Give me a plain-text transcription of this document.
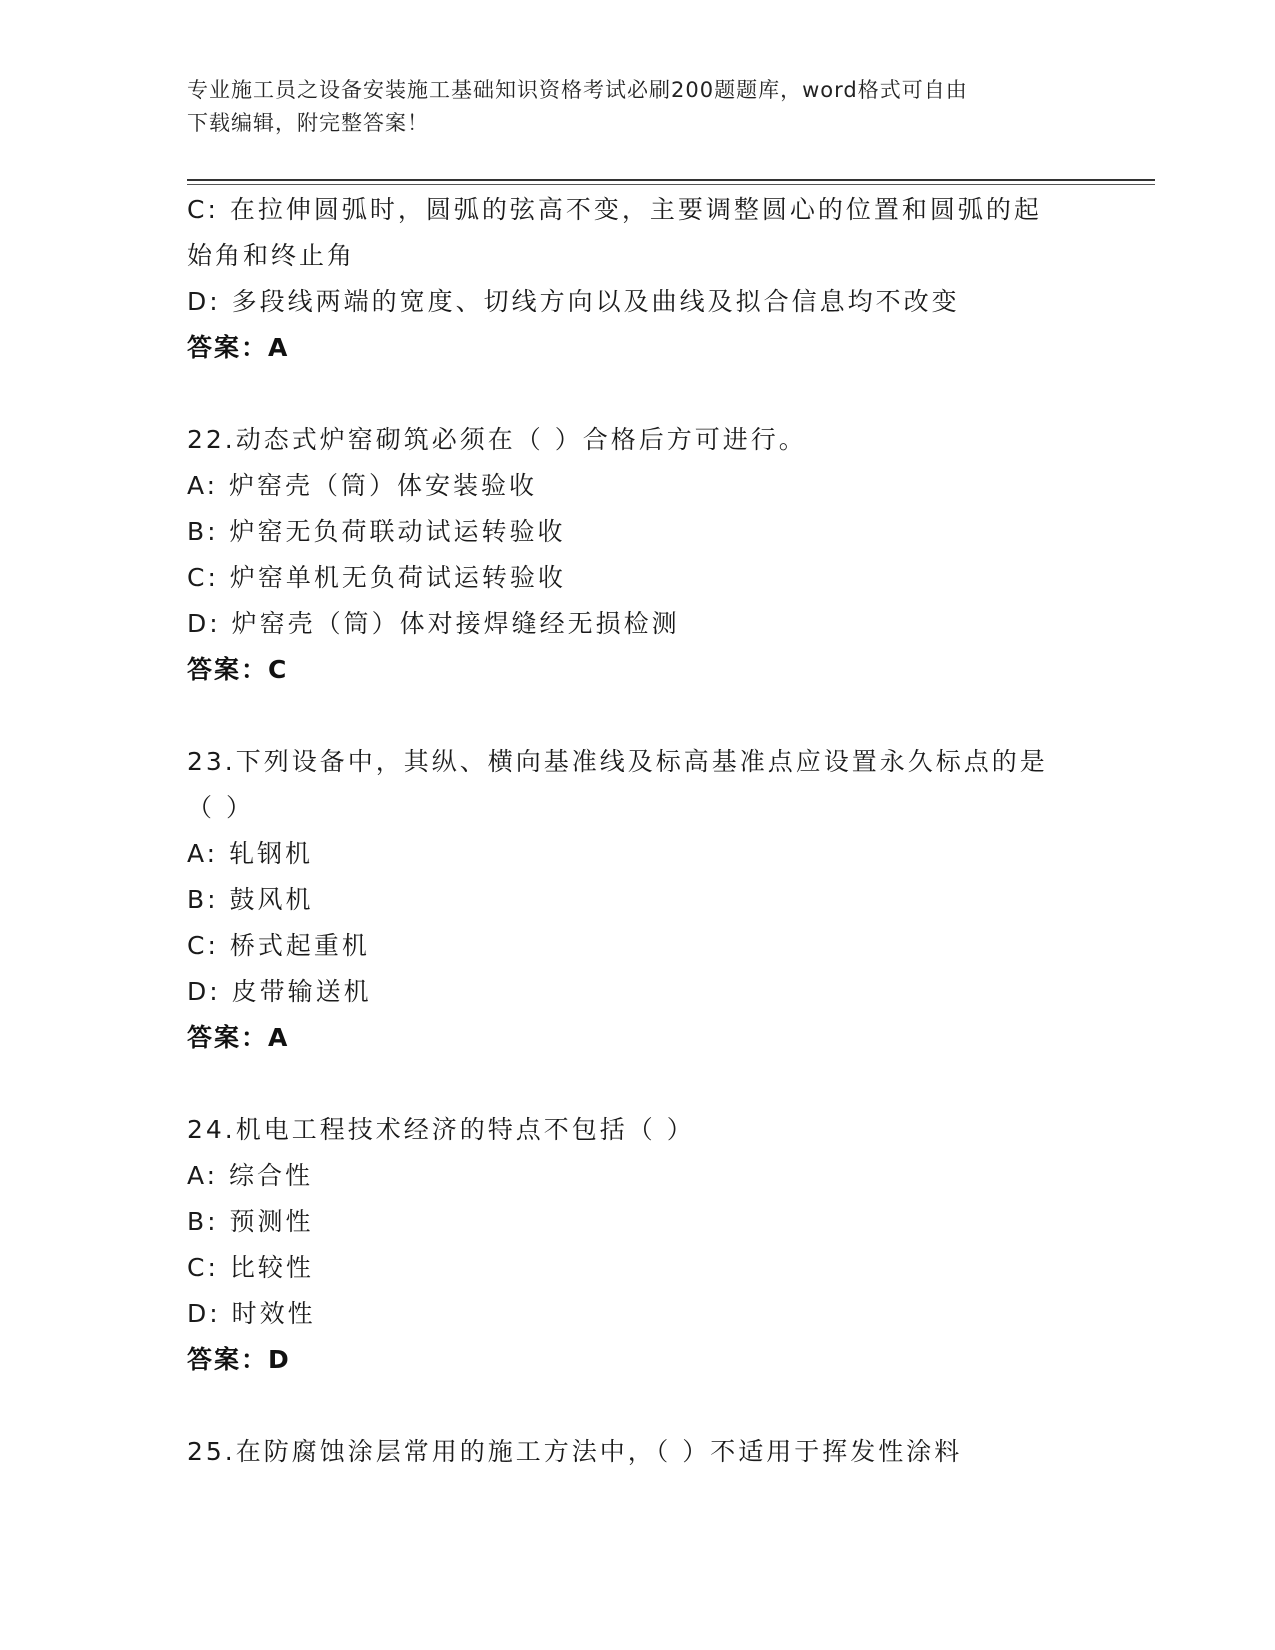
专业施工员之设备安装施工基础知识资格考试必刷200题题库，word格式可自由
下载编辑，附完整答案！
C: 在拉伸圆弧时，圆弧的弦高不变，主要调整圆心的位置和圆弧的起
始角和终止角
D: 多段线两端的宽度、切线方向以及曲线及拟合信息均不改变
答案：A
22.动态式炉窑砌筑必须在（ ）合格后方可进行。
A: 炉窑壳（筒）体安装验收
B: 炉窑无负荷联动试运转验收
C: 炉窑单机无负荷试运转验收
D: 炉窑壳（筒）体对接焊缝经无损检测
答案：C
23.下列设备中，其纵、横向基准线及标高基准点应设置永久标点的是
（ ）
A: 轧钢机
B: 鼓风机
C: 桥式起重机
D: 皮带输送机
答案：A
24.机电工程技术经济的特点不包括（ ）
A: 综合性
B: 预测性
C: 比较性
D: 时效性
答案：D
25.在防腐蚀涂层常用的施工方法中，（ ）不适用于挥发性涂料
